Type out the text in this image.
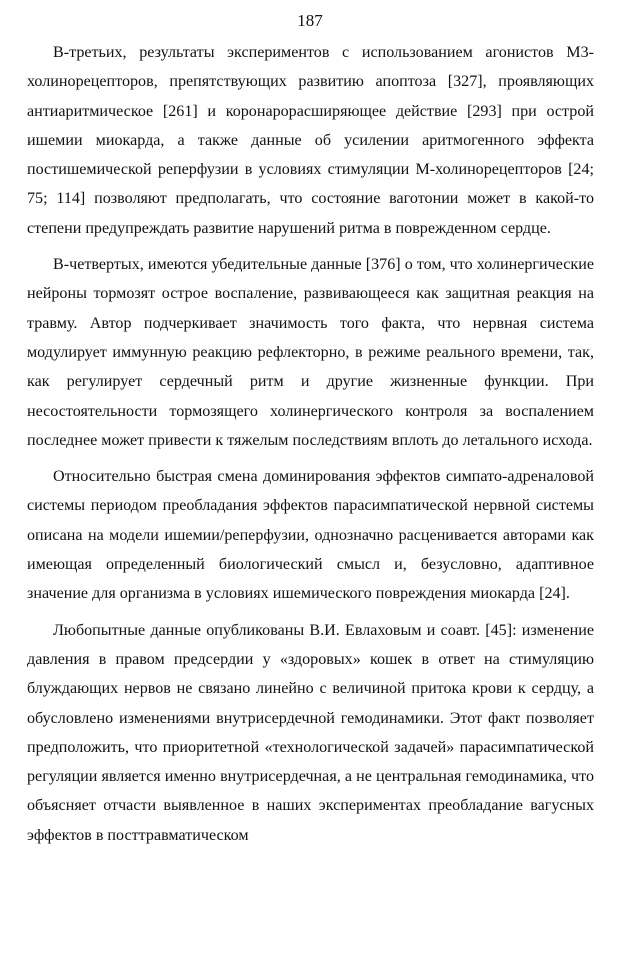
187

В-третьих, результаты экспериментов с использованием агонистов М3-холинорецепторов, препятствующих развитию апоптоза [327], проявляющих антиаритмическое [261] и коронарорасширяющее действие [293] при острой ишемии миокарда, а также данные об усилении аритмогенного эффекта постишемической реперфузии в условиях стимуляции М-холинорецепторов [24; 75; 114] позволяют предполагать, что состояние ваготонии может в какой-то степени предупреждать развитие нарушений ритма в поврежденном сердце.

В-четвертых, имеются убедительные данные [376] о том, что холинергические нейроны тормозят острое воспаление, развивающееся как защитная реакция на травму. Автор подчеркивает значимость того факта, что нервная система модулирует иммунную реакцию рефлекторно, в режиме реального времени, так, как регулирует сердечный ритм и другие жизненные функции. При несостоятельности тормозящего холинергического контроля за воспалением последнее может привести к тяжелым последствиям вплоть до летального исхода.

Относительно быстрая смена доминирования эффектов симпато-адреналовой системы периодом преобладания эффектов парасимпатической нервной системы описана на модели ишемии/реперфузии, однозначно расценивается авторами как имеющая определенный биологический смысл и, безусловно, адаптивное значение для организма в условиях ишемического повреждения миокарда [24].

Любопытные данные опубликованы В.И. Евлаховым и соавт. [45]: изменение давления в правом предсердии у «здоровых» кошек в ответ на стимуляцию блуждающих нервов не связано линейно с величиной притока крови к сердцу, а обусловлено изменениями внутрисердечной гемодинамики. Этот факт позволяет предположить, что приоритетной «технологической задачей» парасимпатической регуляции является именно внутрисердечная, а не центральная гемодинамика, что объясняет отчасти выявленное в наших экспериментах преобладание вагусных эффектов в посттравматическом
